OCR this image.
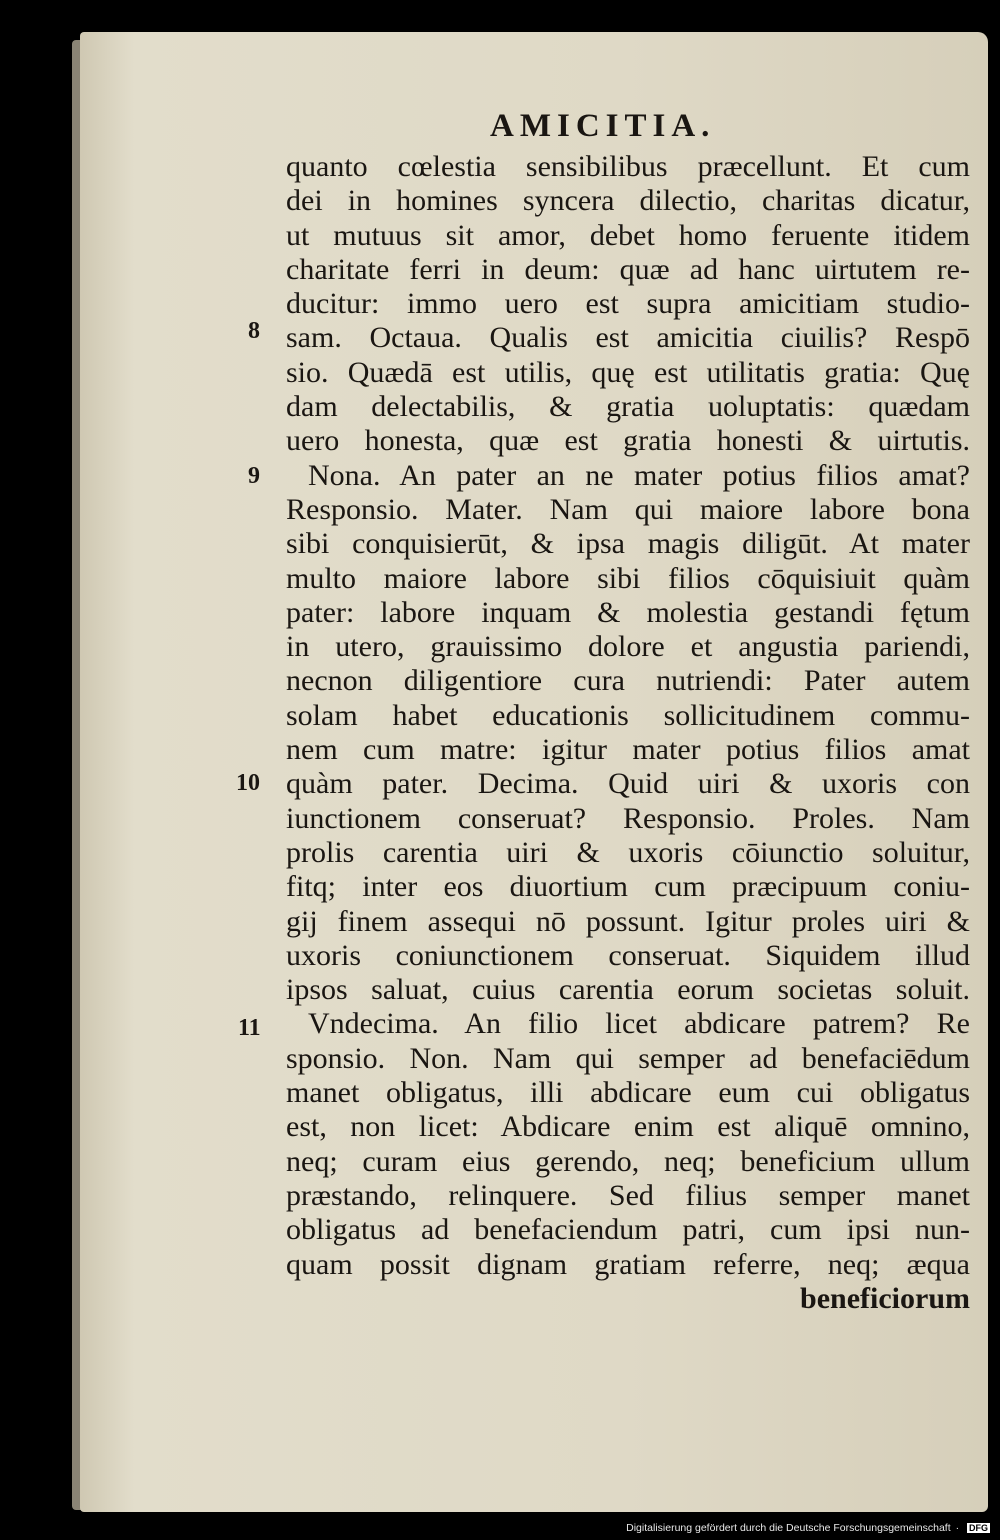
AMICITIA.
8
9
10
11
quanto cœlestia sensibilibus præcellunt. Et cum
dei in homines syncera dilectio, charitas dicatur,
ut mutuus sit amor, debet homo feruente itidem
charitate ferri in deum: quæ ad hanc uirtutem re-
ducitur: immo uero est supra amicitiam studio-
sam. Octaua. Qualis est amicitia ciuilis? Respō
sio. Quædā est utilis, quę est utilitatis gratia: Quę
dam delectabilis, & gratia uoluptatis: quædam
uero honesta, quæ est gratia honesti & uirtutis.
Nona. An pater an ne mater potius filios amat?
Responsio. Mater. Nam qui maiore labore bona
sibi conquisierūt, & ipsa magis diligūt. At mater
multo maiore labore sibi filios cōquisiuit quàm
pater: labore inquam & molestia gestandi fętum
in utero, grauissimo dolore et angustia pariendi,
necnon diligentiore cura nutriendi: Pater autem
solam habet educationis sollicitudinem commu-
nem cum matre: igitur mater potius filios amat
quàm pater. Decima. Quid uiri & uxoris con
iunctionem conseruat? Responsio. Proles. Nam
prolis carentia uiri & uxoris cōiunctio soluitur,
fitq; inter eos diuortium cum præcipuum coniu-
gij finem assequi nō possunt. Igitur proles uiri &
uxoris coniunctionem conseruat. Siquidem illud
ipsos saluat, cuius carentia eorum societas soluit.
Vndecima. An filio licet abdicare patrem? Re
sponsio. Non. Nam qui semper ad benefaciēdum
manet obligatus, illi abdicare eum cui obligatus
est, non licet: Abdicare enim est aliquē omnino,
neq; curam eius gerendo, neq; beneficium ullum
præstando, relinquere. Sed filius semper manet
obligatus ad benefaciendum patri, cum ipsi nun-
quam possit dignam gratiam referre, neq; æqua
beneficiorum
Digitalisierung gefördert durch die Deutsche Forschungsgemeinschaft · DFG
